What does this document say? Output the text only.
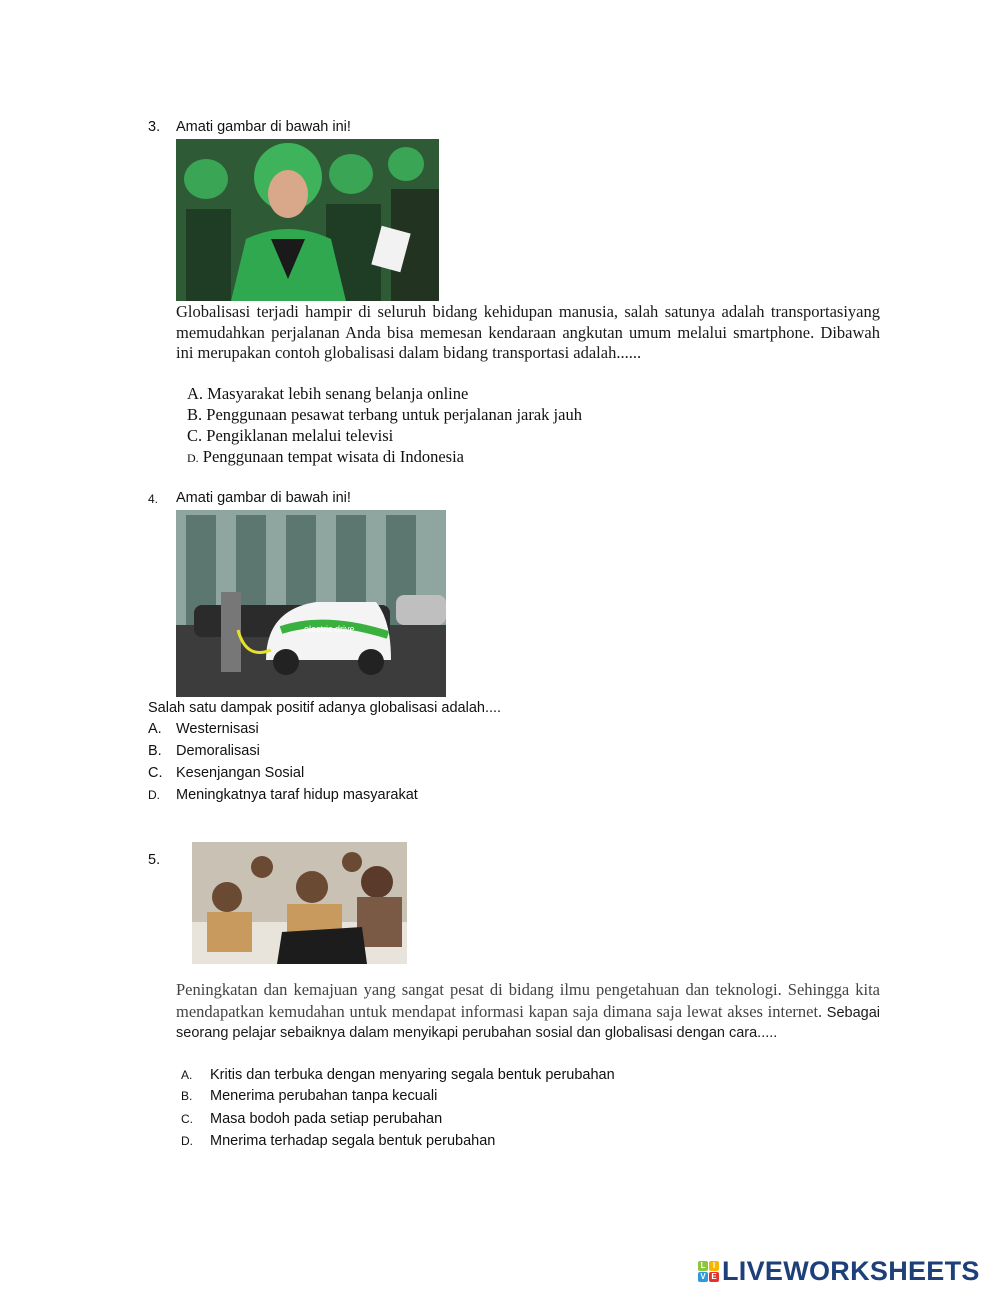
3. Amati gambar di bawah ini!
Globalisasi terjadi hampir di seluruh bidang kehidupan manusia, salah satunya adalah transportasiyang memudahkan perjalanan Anda bisa memesan kendaraan angkutan umum melalui smartphone. Dibawah ini merupakan contoh globalisasi dalam bidang transportasi adalah......
A. Masyarakat lebih senang belanja online
B. Penggunaan pesawat terbang untuk perjalanan jarak jauh
C. Pengiklanan melalui televisi
D. Penggunaan tempat wisata di Indonesia
4. Amati gambar di bawah ini!
electric drive
Salah satu dampak positif adanya globalisasi adalah....
A. Westernisasi
B. Demoralisasi
C. Kesenjangan Sosial
D. Meningkatnya taraf hidup masyarakat
5.
Peningkatan dan kemajuan yang sangat pesat di bidang ilmu pengetahuan dan teknologi. Sehingga kita mendapatkan kemudahan untuk mendapat informasi kapan saja dimana saja lewat akses internet. Sebagai seorang pelajar sebaiknya dalam menyikapi perubahan sosial dan globalisasi dengan cara.....
A. Kritis dan terbuka dengan menyaring segala bentuk perubahan
B. Menerima perubahan tanpa kecuali
C. Masa bodoh pada setiap perubahan
D. Mnerima terhadap segala bentuk perubahan
L I
V E LIVEWORKSHEETS
